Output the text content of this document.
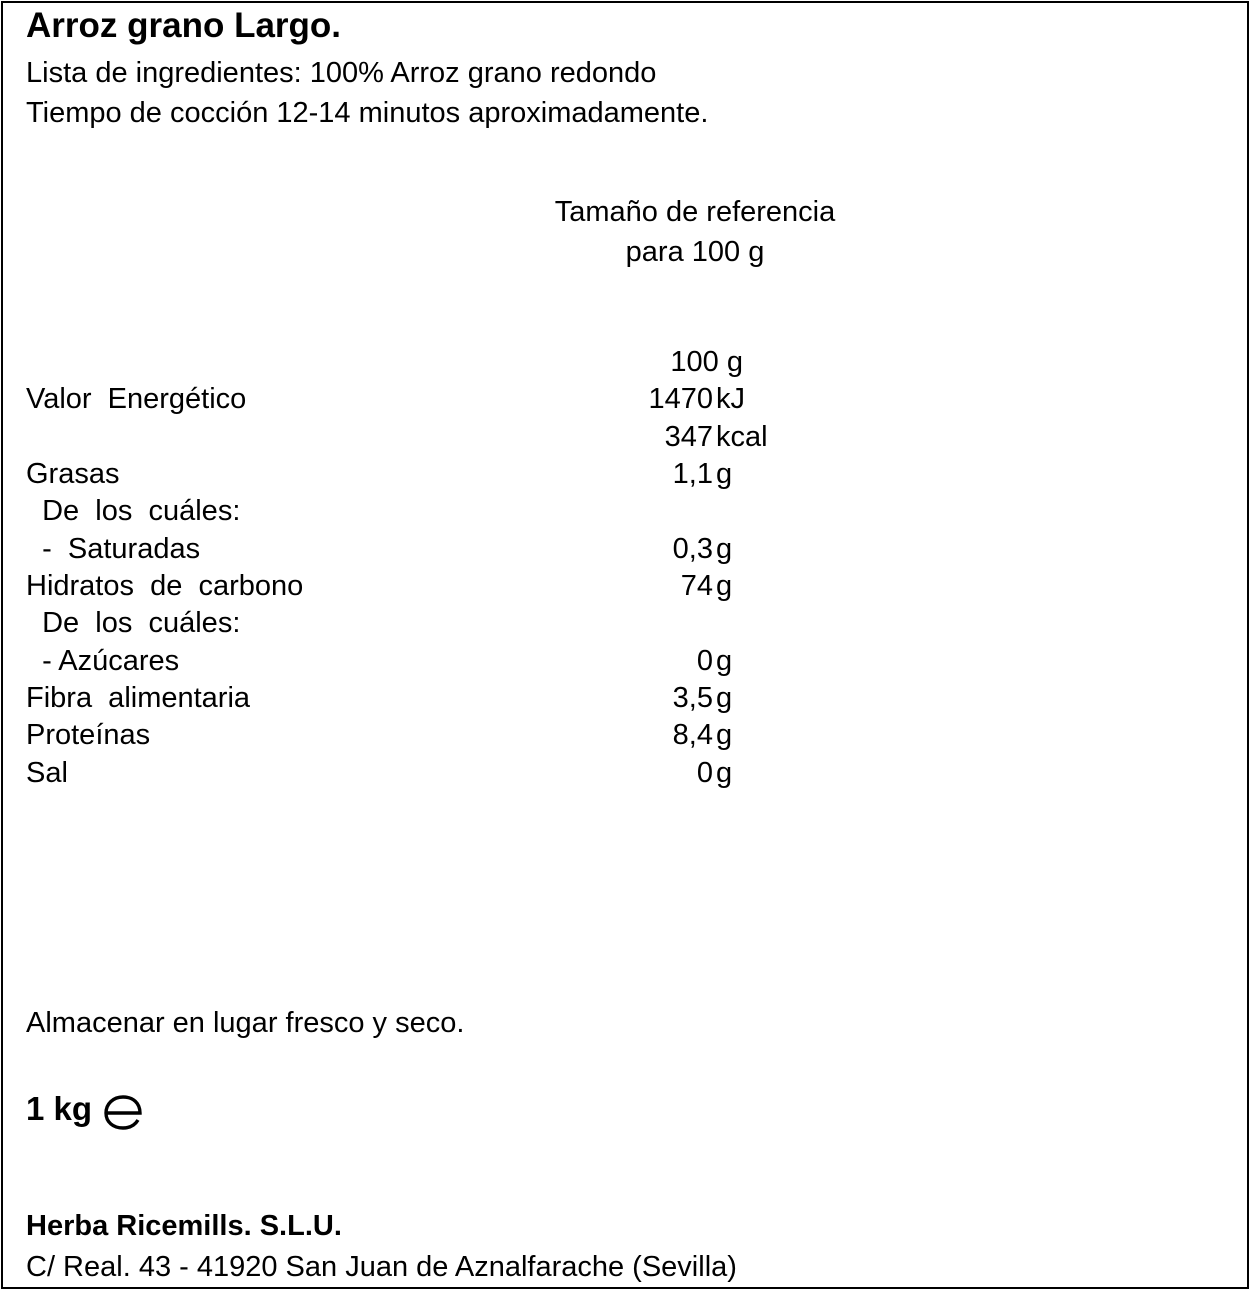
Arroz grano Largo.
Lista de ingredientes: 100% Arroz grano redondo
Tiempo de cocción 12-14 minutos aproximadamente.
Tamaño de referencia
para 100 g
100 g
Valor  Energético	1470 kJ
347 kcal
Grasas	1,1 g
De  los  cuáles:
-  Saturadas	0,3 g
Hidratos  de  carbono	74 g
De  los  cuáles:
- Azúcares	0 g
Fibra  alimentaria	3,5 g
Proteínas	8,4 g
Sal	0 g
Almacenar en lugar fresco y seco.
1 kg
Herba Ricemills. S.L.U.
C/ Real. 43 - 41920 San Juan de Aznalfarache (Sevilla)
